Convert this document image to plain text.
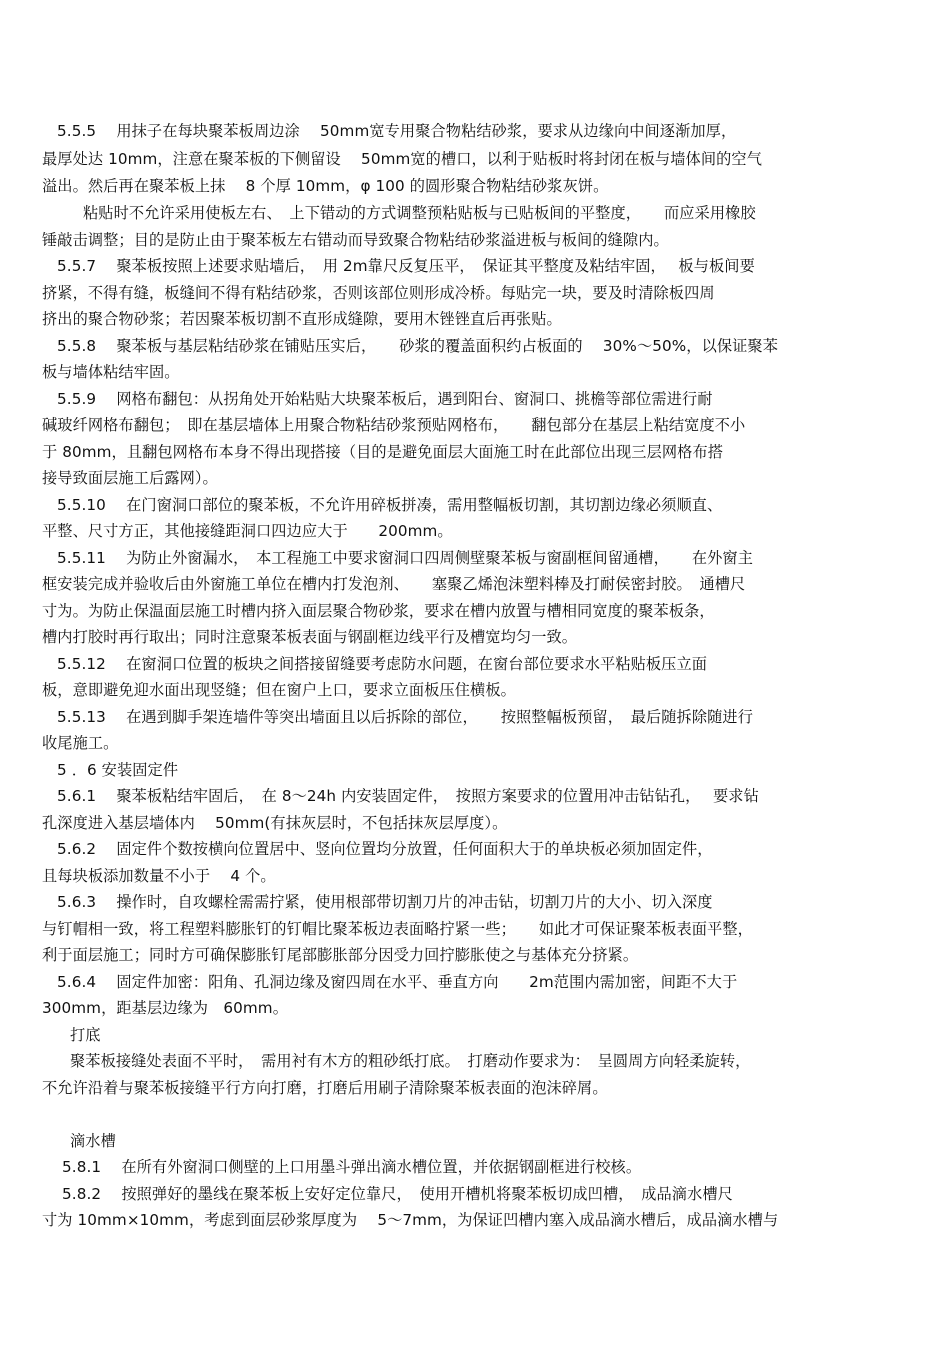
5.5.5　 用抹子在每块聚苯板周边涂　 50mm宽专用聚合物粘结砂浆，要求从边缘向中间逐渐加厚，
最厚处达 10mm，注意在聚苯板的下侧留设　 50mm宽的槽口，以利于贴板时将封闭在板与墙体间的空气
溢出。然后再在聚苯板上抹　 8 个厚 10mm，φ 100 的圆形聚合物粘结砂浆灰饼。
粘贴时不允许采用使板左右、　上下错动的方式调整预粘贴板与已贴板间的平整度，　　而应采用橡胶
锤敲击调整；目的是防止由于聚苯板左右错动而导致聚合物粘结砂浆溢进板与板间的缝隙内。
5.5.7　 聚苯板按照上述要求贴墙后，　用 2m靠尺反复压平，　保证其平整度及粘结牢固，　 板与板间要
挤紧，不得有缝，板缝间不得有粘结砂浆，否则该部位则形成冷桥。每贴完一块，要及时清除板四周
挤出的聚合物砂浆；若因聚苯板切割不直形成缝隙，要用木锉锉直后再张贴。
5.5.8　 聚苯板与基层粘结砂浆在铺贴压实后，　　砂浆的覆盖面积约占板面的　 30%～50%，以保证聚苯
板与墙体粘结牢固。
5.5.9　 网格布翻包：从拐角处开始粘贴大块聚苯板后，遇到阳台、窗洞口、挑檐等部位需进行耐
碱玻纤网格布翻包；　即在基层墙体上用聚合物粘结砂浆预贴网格布，　　翻包部分在基层上粘结宽度不小
于 80mm，且翻包网格布本身不得出现搭接（目的是避免面层大面施工时在此部位出现三层网格布搭
接导致面层施工后露网）。
5.5.10　 在门窗洞口部位的聚苯板，不允许用碎板拼凑，需用整幅板切割，其切割边缘必须顺直、
平整、尺寸方正，其他接缝距洞口四边应大于　　200mm。
5.5.11　 为防止外窗漏水，　本工程施工中要求窗洞口四周侧壁聚苯板与窗副框间留通槽，　　在外窗主
框安装完成并验收后由外窗施工单位在槽内打发泡剂、　　塞聚乙烯泡沫塑料棒及打耐侯密封胶。　通槽尺
寸为。为防止保温面层施工时槽内挤入面层聚合物砂浆，要求在槽内放置与槽相同宽度的聚苯板条，
槽内打胶时再行取出；同时注意聚苯板表面与钢副框边线平行及槽宽均匀一致。
5.5.12　 在窗洞口位置的板块之间搭接留缝要考虑防水问题，在窗台部位要求水平粘贴板压立面
板，意即避免迎水面出现竖缝；但在窗户上口，要求立面板压住横板。
5.5.13　 在遇到脚手架连墙件等突出墙面且以后拆除的部位，　　按照整幅板预留，　最后随拆除随进行
收尾施工。
5 ．6 安装固定件
5.6.1　 聚苯板粘结牢固后，　在 8～24h 内安装固定件，　按照方案要求的位置用冲击钻钻孔，　 要求钻
孔深度进入基层墙体内　 50mm(有抹灰层时，不包括抹灰层厚度）。
5.6.2　 固定件个数按横向位置居中、竖向位置均分放置，任何面积大于的单块板必须加固定件，
且每块板添加数量不小于　 4 个。
5.6.3　 操作时，自攻螺栓需需拧紧，使用根部带切割刀片的冲击钻，切割刀片的大小、切入深度
与钉帽相一致，将工程塑料膨胀钉的钉帽比聚苯板边表面略拧紧一些；　　如此才可保证聚苯板表面平整，
利于面层施工；同时方可确保膨胀钉尾部膨胀部分因受力回拧膨胀使之与基体充分挤紧。
5.6.4　 固定件加密：阳角、孔洞边缘及窗四周在水平、垂直方向　　2m范围内需加密，间距不大于
300mm，距基层边缘为　60mm。
打底
聚苯板接缝处表面不平时，　需用衬有木方的粗砂纸打底。　打磨动作要求为：　呈圆周方向轻柔旋转，
不允许沿着与聚苯板接缝平行方向打磨，打磨后用刷子清除聚苯板表面的泡沫碎屑。
滴水槽
5.8.1　 在所有外窗洞口侧壁的上口用墨斗弹出滴水槽位置，并依据钢副框进行校核。
5.8.2　 按照弹好的墨线在聚苯板上安好定位靠尺，　使用开槽机将聚苯板切成凹槽，　成品滴水槽尺
寸为 10mm×10mm，考虑到面层砂浆厚度为　 5～7mm，为保证凹槽内塞入成品滴水槽后，成品滴水槽与
